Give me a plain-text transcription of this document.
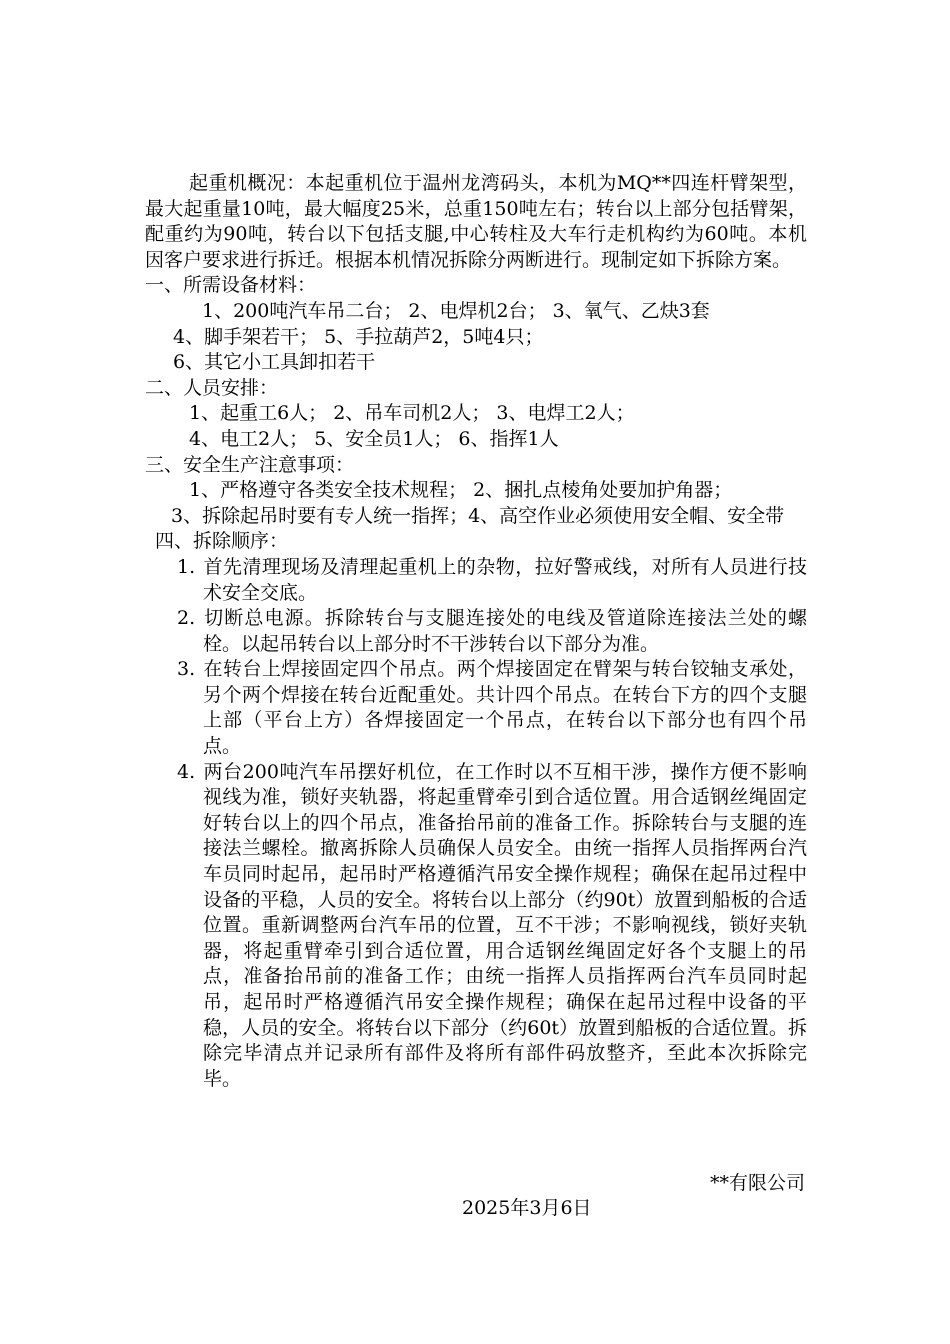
起重机概况：本起重机位于温州龙湾码头，本机为MQ**四连杆臂架型，最大起重量10吨，最大幅度25米，总重150吨左右；转台以上部分包括臂架，配重约为90吨，转台以下包括支腿,中心转柱及大车行走机构约为60吨。本机因客户要求进行拆迁。根据本机情况拆除分两断进行。现制定如下拆除方案。

一、所需设备材料：

1、200吨汽车吊二台； 2、电焊机2台； 3、氧气、乙炔3套

4、脚手架若干； 5、手拉葫芦2，5吨4只；

6、其它小工具卸扣若干

二、人员安排：

1、起重工6人； 2、吊车司机2人； 3、电焊工2人；

4、电工2人； 5、安全员1人； 6、指挥1人

三、安全生产注意事项：

1、严格遵守各类安全技术规程； 2、捆扎点棱角处要加护角器；

3、拆除起吊时要有专人统一指挥；4、高空作业必须使用安全帽、安全带

四、拆除顺序：

1. 首先清理现场及清理起重机上的杂物，拉好警戒线，对所有人员进行技术安全交底。

2. 切断总电源。拆除转台与支腿连接处的电线及管道除连接法兰处的螺栓。以起吊转台以上部分时不干涉转台以下部分为准。

3. 在转台上焊接固定四个吊点。两个焊接固定在臂架与转台铰轴支承处，另个两个焊接在转台近配重处。共计四个吊点。在转台下方的四个支腿上部（平台上方）各焊接固定一个吊点，在转台以下部分也有四个吊点。

4. 两台200吨汽车吊摆好机位，在工作时以不互相干涉，操作方便不影响视线为准，锁好夹轨器，将起重臂牵引到合适位置。用合适钢丝绳固定好转台以上的四个吊点，准备抬吊前的准备工作。拆除转台与支腿的连接法兰螺栓。撤离拆除人员确保人员安全。由统一指挥人员指挥两台汽车员同时起吊，起吊时严格遵循汽吊安全操作规程；确保在起吊过程中设备的平稳，人员的安全。将转台以上部分（约90t）放置到船板的合适位置。重新调整两台汽车吊的位置，互不干涉；不影响视线，锁好夹轨器，将起重臂牵引到合适位置，用合适钢丝绳固定好各个支腿上的吊点，准备抬吊前的准备工作；由统一指挥人员指挥两台汽车员同时起吊，起吊时严格遵循汽吊安全操作规程；确保在起吊过程中设备的平稳，人员的安全。将转台以下部分（约60t）放置到船板的合适位置。拆除完毕清点并记录所有部件及将所有部件码放整齐，至此本次拆除完毕。

**有限公司
2025年3月6日
